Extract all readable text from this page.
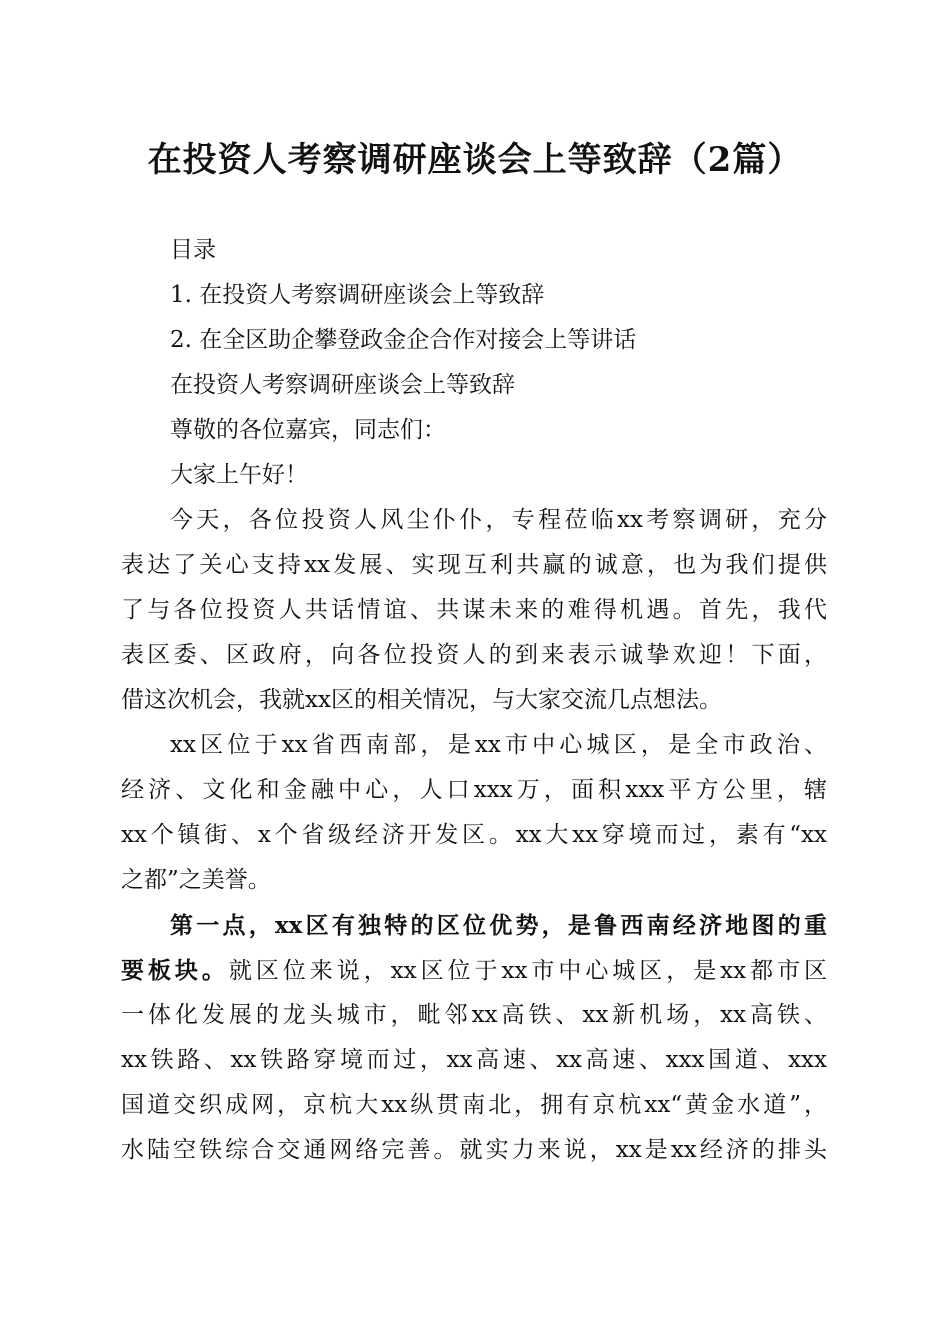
在投资人考察调研座谈会上等致辞（2篇）
目录
1. 在投资人考察调研座谈会上等致辞
2. 在全区助企攀登政金企合作对接会上等讲话
在投资人考察调研座谈会上等致辞
尊敬的各位嘉宾，同志们：
大家上午好！
今天，各位投资人风尘仆仆，专程莅临xx考察调研，充分
表达了关心支持xx发展、实现互利共赢的诚意，也为我们提供
了与各位投资人共话情谊、共谋未来的难得机遇。首先，我代
表区委、区政府，向各位投资人的到来表示诚挚欢迎！下面，
借这次机会，我就xx区的相关情况，与大家交流几点想法。
xx区位于xx省西南部，是xx市中心城区，是全市政治、
经济、文化和金融中心，人口xxx万，面积xxx平方公里，辖
xx个镇街、x个省级经济开发区。xx大xx穿境而过，素有“xx
之都”之美誉。
第一点，xx区有独特的区位优势，是鲁西南经济地图的重
要板块。就区位来说，xx区位于xx市中心城区，是xx都市区
一体化发展的龙头城市，毗邻xx高铁、xx新机场，xx高铁、
xx铁路、xx铁路穿境而过，xx高速、xx高速、xxx国道、xxx
国道交织成网，京杭大xx纵贯南北，拥有京杭xx“黄金水道”，
水陆空铁综合交通网络完善。就实力来说，xx是xx经济的排头
